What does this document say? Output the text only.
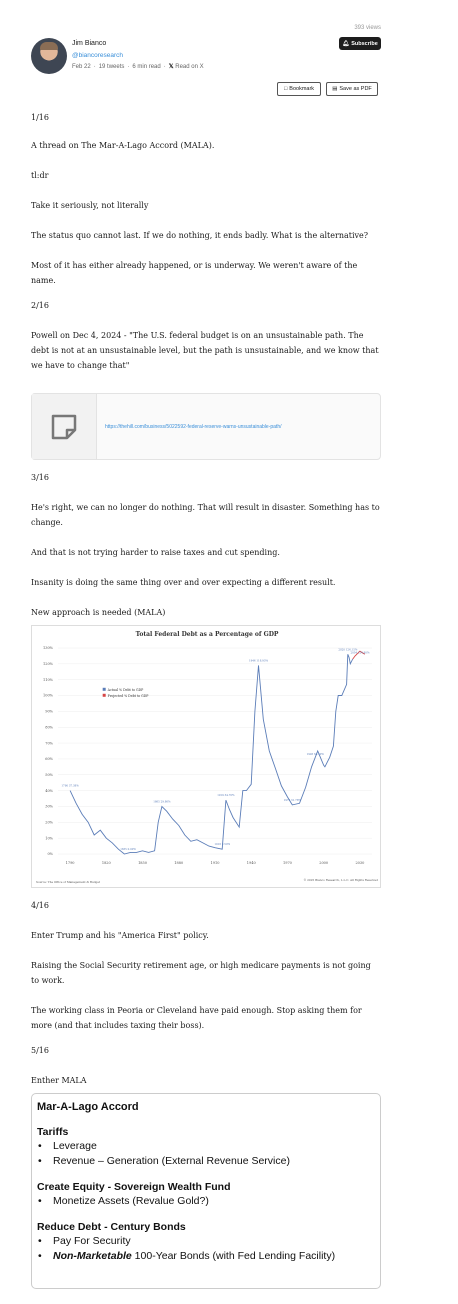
393 views
🔔︎ Subscribe
Jim Bianco
@biancoresearch
Feb 22 · 19 tweets · 6 min read · 𝕏 Read on X
□ Bookmark	▤ Save as PDF
1/16
A thread on The Mar-A-Lago Accord (MALA).
tl:dr
Take it seriously, not literally
The status quo cannot last. If we do nothing, it ends badly. What is the alternative?
Most of it has either already happened, or is underway. We weren't aware of the name.
2/16
Powell on Dec 4, 2024 - "The U.S. federal budget is on an unsustainable path. The debt is not at an unsustainable level, but the path is unsustainable, and we know that we have to change that"
https://thehill.com/business/5022592-federal-reserve-warns-unsustainable-path/
3/16
He's right, we can no longer do nothing. That will result in disaster. Something has to change.
And that is not trying harder to raise taxes and cut spending.
Insanity is doing the same thing over and over expecting a different result.
New approach is needed (MALA)
Total Federal Debt as a Percentage of GDP
0%
10%
20%
30%
40%
50%
60%
70%
80%
90%
100%
110%
120%
130%
1790	1820	1850	1880	1910	1940	1970	2000	2030
1790 37.38%
1835 0.00%
1865 29.86%
1916 2.50%
1919 34.70%
1946 118.93%
1974 31.78%
1993 64.30%
2020 126.15%
2034 124.80%
Actual % Debt to GDP
Projected % Debt to GDP
Source: The Office of Management & Budget	© 2025 Bianco Research, L.L.C. All Rights Reserved
4/16
Enter Trump and his "America First" policy.
Raising the Social Security retirement age, or high medicare payments is not going to work.
The working class in Peoria or Cleveland have paid enough. Stop asking them for more (and that includes taxing their boss).
5/16
Enther MALA
Mar-A-Lago Accord
Tariffs
•	Leverage
•	Revenue – Generation (External Revenue Service)
Create Equity - Sovereign Wealth Fund
•	Monetize Assets (Revalue Gold?)
Reduce Debt - Century Bonds
•	Pay For Security
•	Non-Marketable 100-Year Bonds (with Fed Lending Facility)
